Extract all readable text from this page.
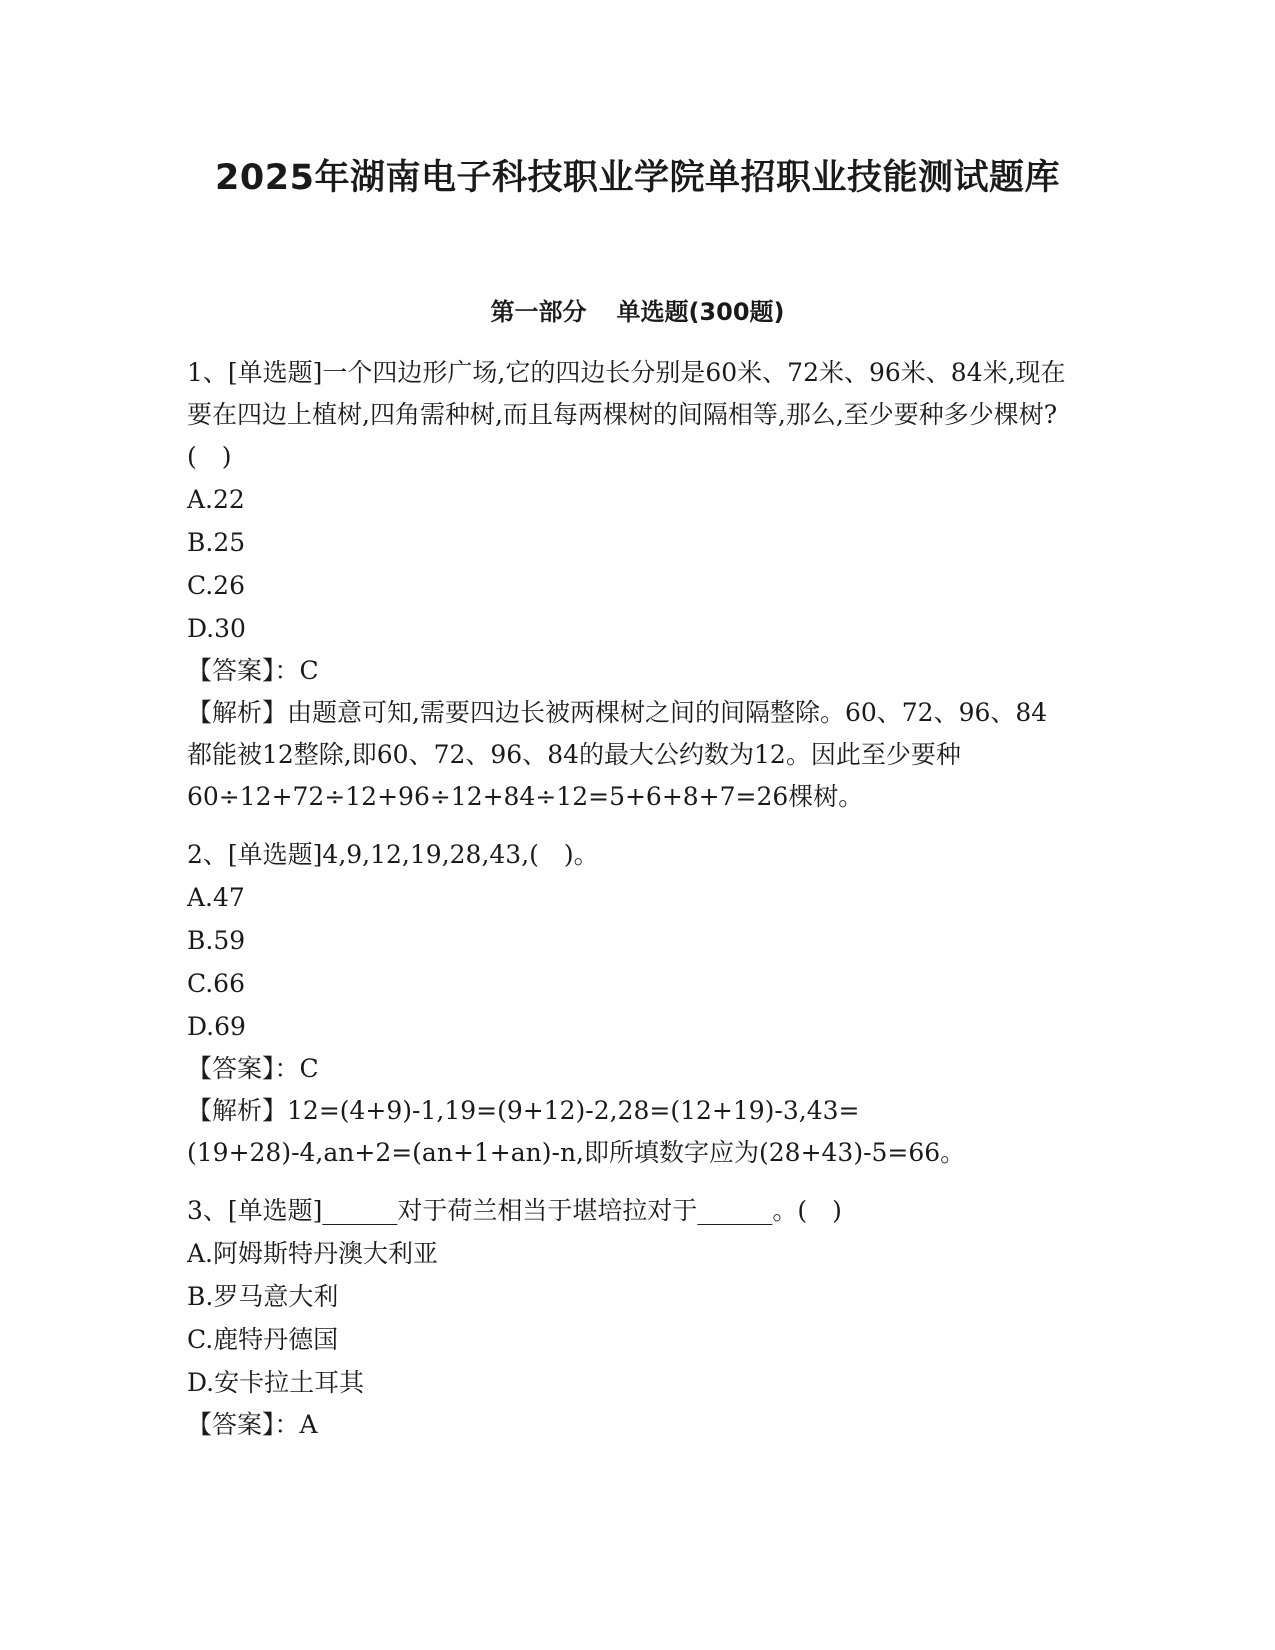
2025年湖南电子科技职业学院单招职业技能测试题库
第一部分 单选题(300题)

1、[单选题]一个四边形广场,它的四边长分别是60米、72米、96米、84米,现在要在四边上植树,四角需种树,而且每两棵树的间隔相等,那么,至少要种多少棵树?(　)

A.22

B.25

C.26

D.30

【答案】：C

【解析】由题意可知,需要四边长被两棵树之间的间隔整除。60、72、96、84都能被12整除,即60、72、96、84的最大公约数为12。因此至少要种60÷12+72÷12+96÷12+84÷12=5+6+8+7=26棵树。

2、[单选题]4,9,12,19,28,43,(　)。

A.47

B.59

C.66

D.69

【答案】：C

【解析】12=(4+9)-1,19=(9+12)-2,28=(12+19)-3,43=(19+28)-4,an+2=(an+1+an)-n,即所填数字应为(28+43)-5=66。

3、[单选题]______对于荷兰相当于堪培拉对于______。(　)

A.阿姆斯特丹澳大利亚

B.罗马意大利

C.鹿特丹德国

D.安卡拉土耳其

【答案】：A
